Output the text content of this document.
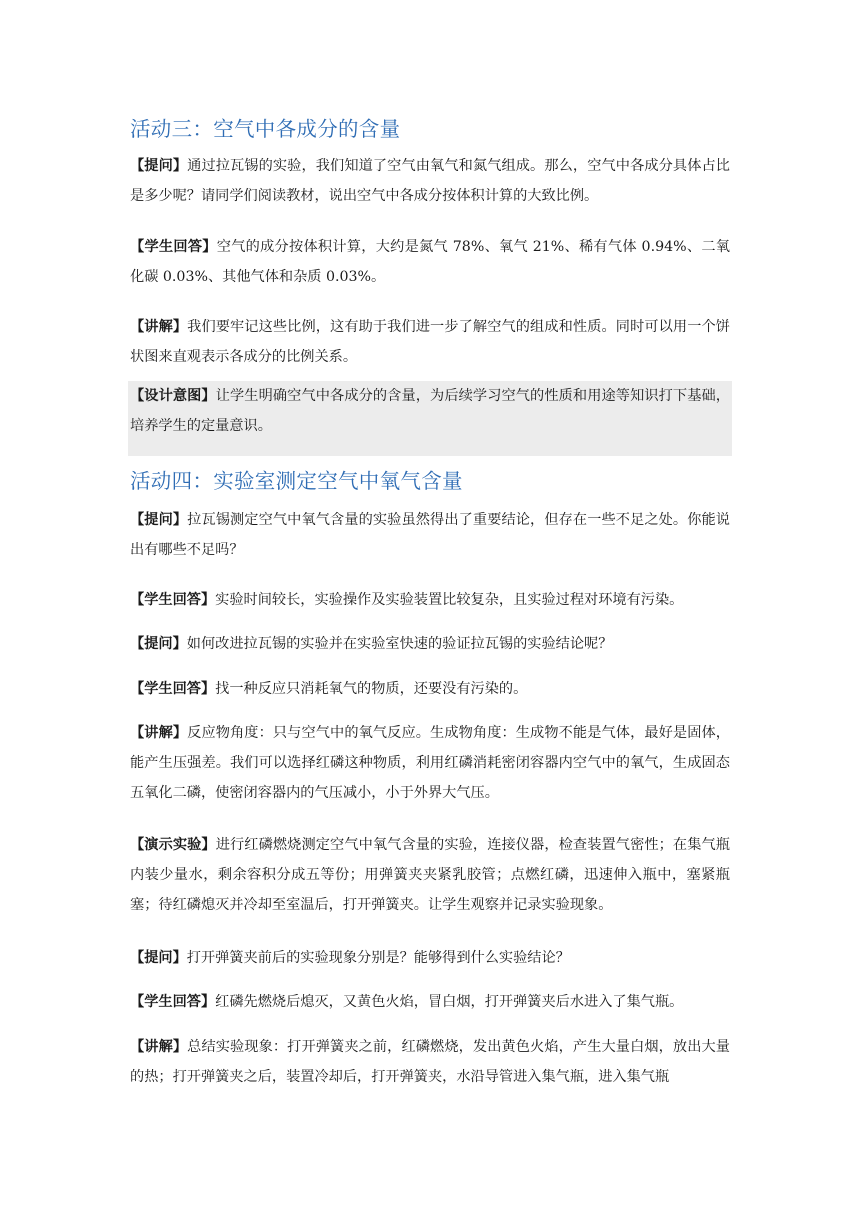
活动三：空气中各成分的含量

【提问】通过拉瓦锡的实验，我们知道了空气由氧气和氮气组成。那么，空气中各成分具体占比是多少呢？请同学们阅读教材，说出空气中各成分按体积计算的大致比例。

【学生回答】空气的成分按体积计算，大约是氮气 78%、氧气 21%、稀有气体 0.94%、二氧化碳 0.03%、其他气体和杂质 0.03%。

【讲解】我们要牢记这些比例，这有助于我们进一步了解空气的组成和性质。同时可以用一个饼状图来直观表示各成分的比例关系。

【设计意图】让学生明确空气中各成分的含量，为后续学习空气的性质和用途等知识打下基础，培养学生的定量意识。

活动四：实验室测定空气中氧气含量

【提问】拉瓦锡测定空气中氧气含量的实验虽然得出了重要结论，但存在一些不足之处。你能说出有哪些不足吗？

【学生回答】实验时间较长，实验操作及实验装置比较复杂，且实验过程对环境有污染。

【提问】如何改进拉瓦锡的实验并在实验室快速的验证拉瓦锡的实验结论呢？

【学生回答】找一种反应只消耗氧气的物质，还要没有污染的。

【讲解】反应物角度：只与空气中的氧气反应。生成物角度：生成物不能是气体，最好是固体，能产生压强差。我们可以选择红磷这种物质，利用红磷消耗密闭容器内空气中的氧气，生成固态五氧化二磷，使密闭容器内的气压减小，小于外界大气压。

【演示实验】进行红磷燃烧测定空气中氧气含量的实验，连接仪器，检查装置气密性；在集气瓶内装少量水，剩余容积分成五等份；用弹簧夹夹紧乳胶管；点燃红磷，迅速伸入瓶中，塞紧瓶塞；待红磷熄灭并冷却至室温后，打开弹簧夹。让学生观察并记录实验现象。

【提问】打开弹簧夹前后的实验现象分别是？能够得到什么实验结论？

【学生回答】红磷先燃烧后熄灭，又黄色火焰，冒白烟，打开弹簧夹后水进入了集气瓶。

【讲解】总结实验现象：打开弹簧夹之前，红磷燃烧，发出黄色火焰，产生大量白烟，放出大量的热；打开弹簧夹之后，装置冷却后，打开弹簧夹，水沿导管进入集气瓶，进入集气瓶
